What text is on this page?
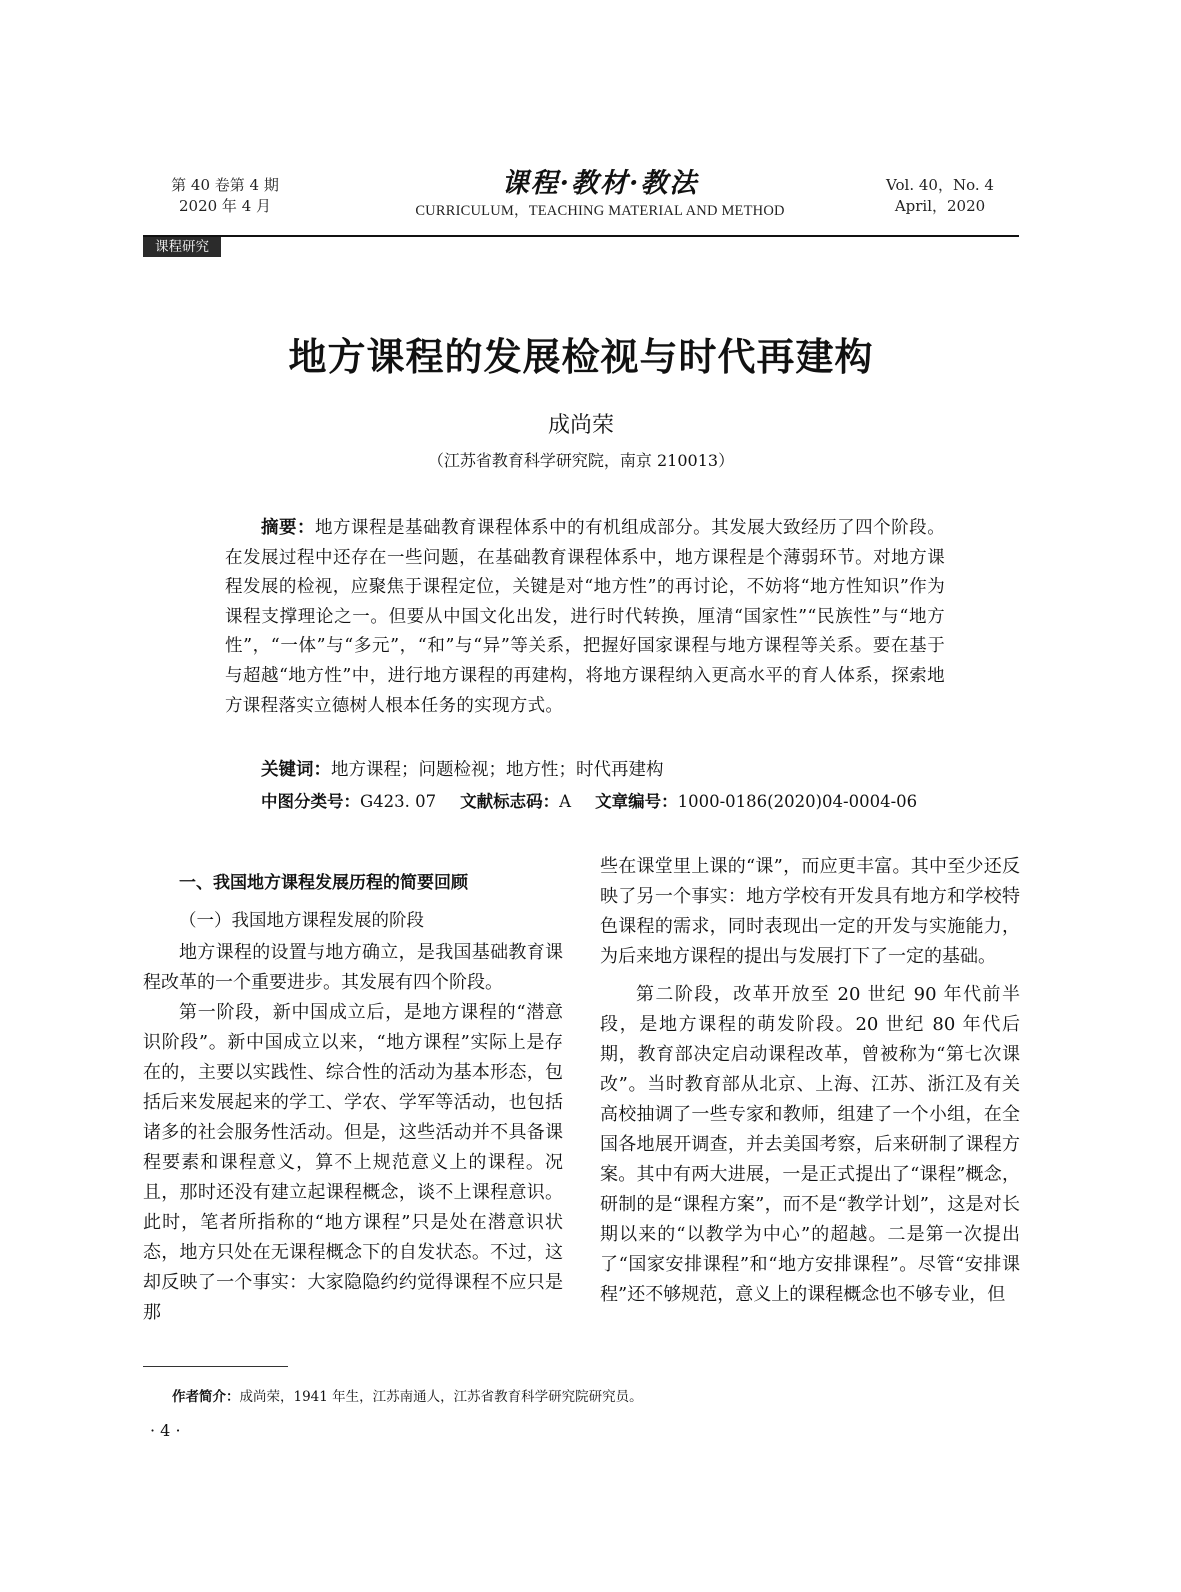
第 40 卷第 4 期
2020 年 4 月
课程·教材·教法
CURRICULUM，TEACHING MATERIAL AND METHOD
Vol. 40，No. 4
April，2020
课程研究
地方课程的发展检视与时代再建构
成尚荣
（江苏省教育科学研究院，南京 210013）
摘要：地方课程是基础教育课程体系中的有机组成部分。其发展大致经历了四个阶段。在发展过程中还存在一些问题，在基础教育课程体系中，地方课程是个薄弱环节。对地方课程发展的检视，应聚焦于课程定位，关键是对“地方性”的再讨论，不妨将“地方性知识”作为课程支撑理论之一。但要从中国文化出发，进行时代转换，厘清“国家性”“民族性”与“地方性”，“一体”与“多元”，“和”与“异”等关系，把握好国家课程与地方课程等关系。要在基于与超越“地方性”中，进行地方课程的再建构，将地方课程纳入更高水平的育人体系，探索地方课程落实立德树人根本任务的实现方式。
关键词：地方课程；问题检视；地方性；时代再建构
中图分类号：G423. 07 文献标志码：A 文章编号：1000-0186(2020)04-0004-06
一、我国地方课程发展历程的简要回顾
（一）我国地方课程发展的阶段

地方课程的设置与地方确立，是我国基础教育课程改革的一个重要进步。其发展有四个阶段。

第一阶段，新中国成立后，是地方课程的“潜意识阶段”。新中国成立以来，“地方课程”实际上是存在的，主要以实践性、综合性的活动为基本形态，包括后来发展起来的学工、学农、学军等活动，也包括诸多的社会服务性活动。但是，这些活动并不具备课程要素和课程意义，算不上规范意义上的课程。况且，那时还没有建立起课程概念，谈不上课程意识。此时，笔者所指称的“地方课程”只是处在潜意识状态，地方只处在无课程概念下的自发状态。不过，这却反映了一个事实：大家隐隐约约觉得课程不应只是那

些在课堂里上课的“课”，而应更丰富。其中至少还反映了另一个事实：地方学校有开发具有地方和学校特色课程的需求，同时表现出一定的开发与实施能力，为后来地方课程的提出与发展打下了一定的基础。

第二阶段，改革开放至 20 世纪 90 年代前半段，是地方课程的萌发阶段。20 世纪 80 年代后期，教育部决定启动课程改革，曾被称为“第七次课改”。当时教育部从北京、上海、江苏、浙江及有关高校抽调了一些专家和教师，组建了一个小组，在全国各地展开调查，并去美国考察，后来研制了课程方案。其中有两大进展，一是正式提出了“课程”概念，研制的是“课程方案”，而不是“教学计划”，这是对长期以来的“以教学为中心”的超越。二是第一次提出了“国家安排课程”和“地方安排课程”。尽管“安排课程”还不够规范，意义上的课程概念也不够专业，但

作者简介：成尚荣，1941 年生，江苏南通人，江苏省教育科学研究院研究员。
· 4 ·
